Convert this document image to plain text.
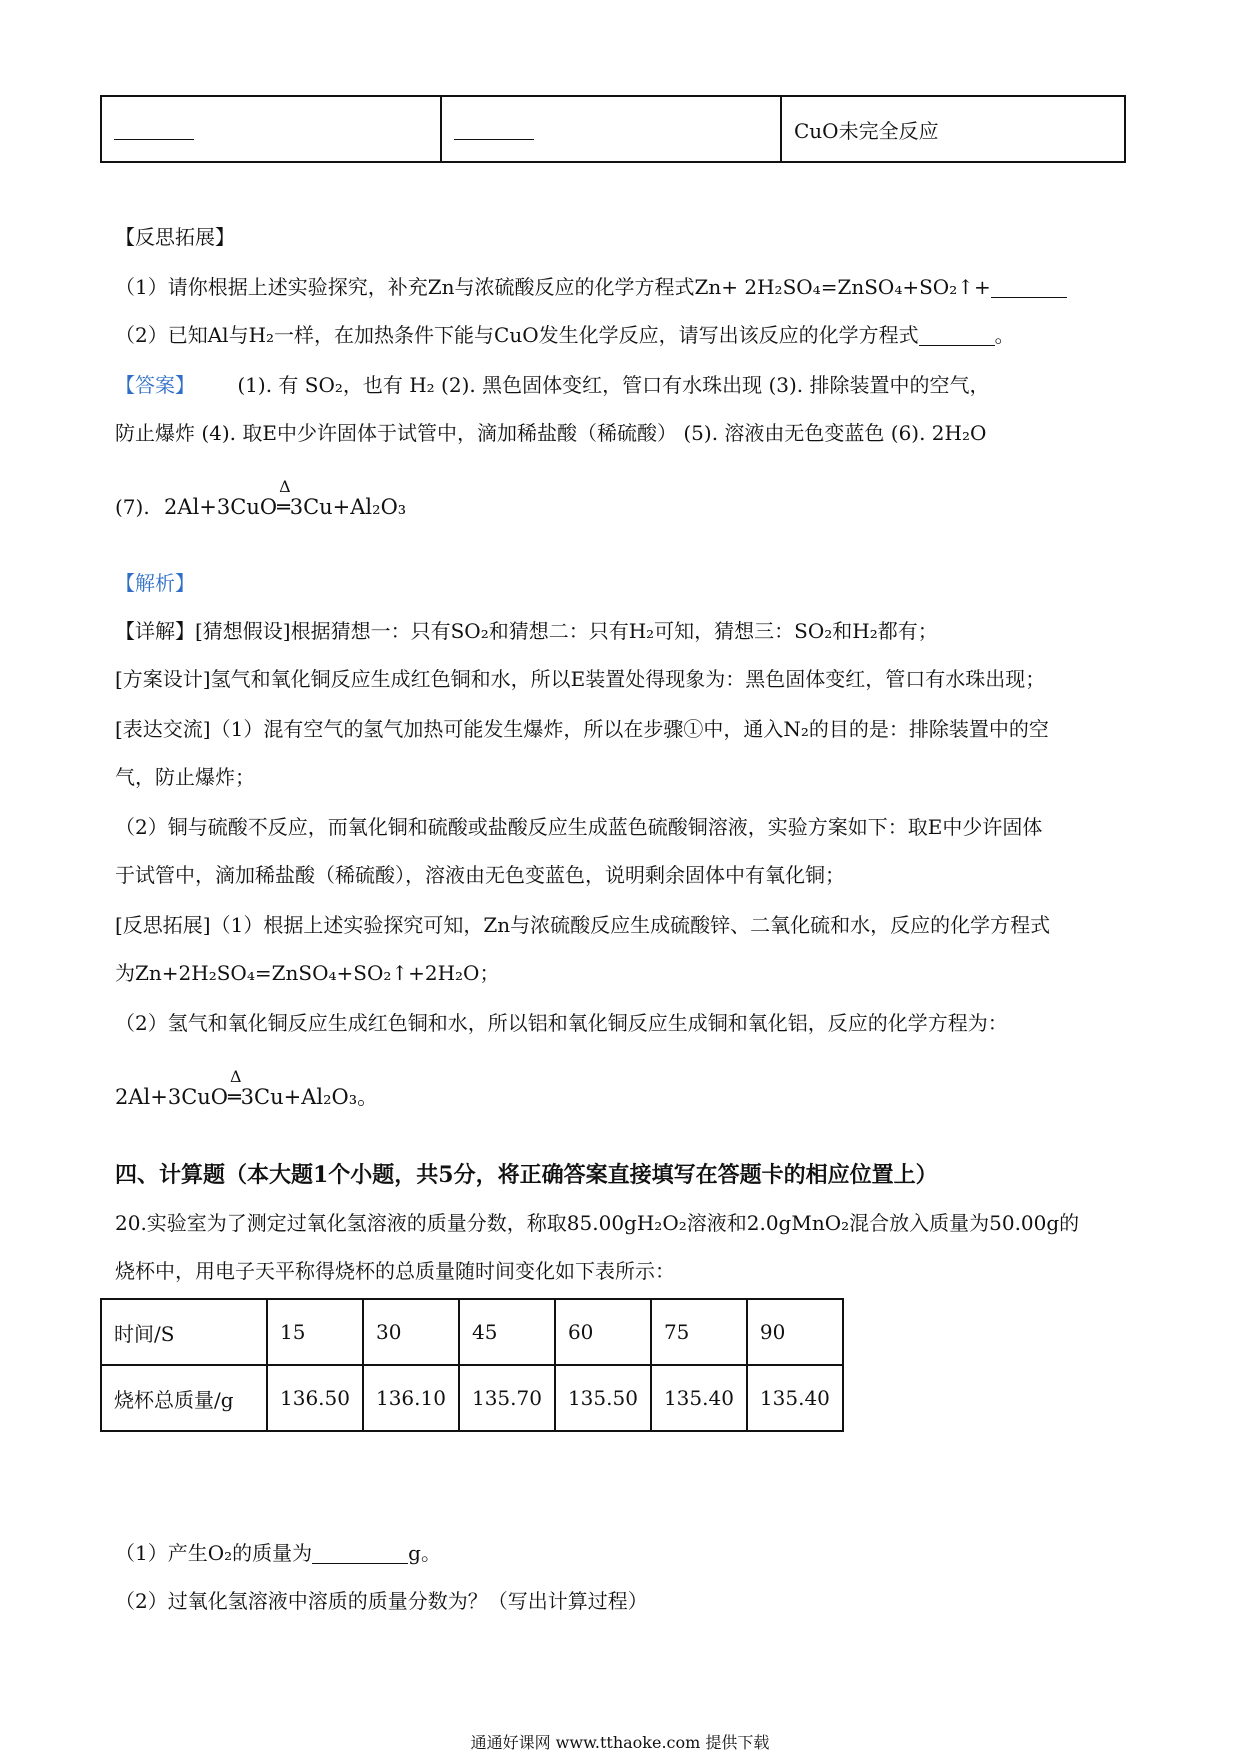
		CuO未完全反应
【反思拓展】
（1）请你根据上述实验探究，补充Zn与浓硫酸反应的化学方程式Zn+ 2H₂SO₄=ZnSO₄+SO₂↑+
（2）已知Al与H₂一样，在加热条件下能与CuO发生化学反应，请写出该反应的化学方程式	。
【答案】 (1). 有 SO₂，也有 H₂ (2). 黑色固体变红，管口有水珠出现 (3). 排除装置中的空气，
防止爆炸 (4). 取E中少许固体于试管中，滴加稀盐酸（稀硫酸） (5). 溶液由无色变蓝色 (6). 2H₂O
(7). 2Al+3CuO
Δ
═3Cu+Al₂O₃
【解析】
【详解】[猜想假设]根据猜想一：只有SO₂和猜想二：只有H₂可知，猜想三：SO₂和H₂都有；
[方案设计]氢气和氧化铜反应生成红色铜和水，所以E装置处得现象为：黑色固体变红，管口有水珠出现；
[表达交流]（1）混有空气的氢气加热可能发生爆炸，所以在步骤①中，通入N₂的目的是：排除装置中的空
气，防止爆炸；
（2）铜与硫酸不反应，而氧化铜和硫酸或盐酸反应生成蓝色硫酸铜溶液，实验方案如下：取E中少许固体
于试管中，滴加稀盐酸（稀硫酸），溶液由无色变蓝色，说明剩余固体中有氧化铜；
[反思拓展]（1）根据上述实验探究可知，Zn与浓硫酸反应生成硫酸锌、二氧化硫和水，反应的化学方程式
为Zn+2H₂SO₄=ZnSO₄+SO₂↑+2H₂O；
（2）氢气和氧化铜反应生成红色铜和水，所以铝和氧化铜反应生成铜和氧化铝，反应的化学方程为：
2Al+3CuO
Δ
═3Cu+Al₂O₃。
四、计算题（本大题1个小题，共5分，将正确答案直接填写在答题卡的相应位置上）
20.实验室为了测定过氧化氢溶液的质量分数，称取85.00gH₂O₂溶液和2.0gMnO₂混合放入质量为50.00g的
烧杯中，用电子天平称得烧杯的总质量随时间变化如下表所示：
时间/S	15	30	45	60	75	90
烧杯总质量/g	136.50	136.10	135.70	135.50	135.40	135.40
（1）产生O₂的质量为	g。
（2）过氧化氢溶液中溶质的质量分数为？（写出计算过程）
通通好课网 www.tthaoke.com 提供下载
